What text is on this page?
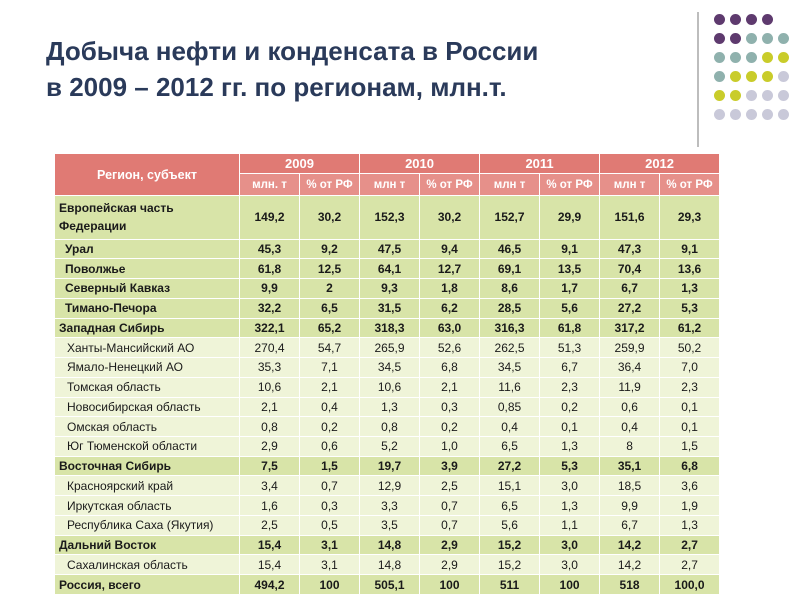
Добыча нефти и конденсата в России
в 2009 – 2012 гг. по регионам, млн.т.
Регион, субъект	2009		2010		2011		2012	
	млн. т	% от РФ	млн т	% от РФ	млн т	% от РФ	млн т	% от РФ
Европейская часть Федерации	149,2	30,2	152,3	30,2	152,7	29,9	151,6	29,3
Урал	45,3	9,2	47,5	9,4	46,5	9,1	47,3	9,1
Поволжье	61,8	12,5	64,1	12,7	69,1	13,5	70,4	13,6
Северный Кавказ	9,9	2	9,3	1,8	8,6	1,7	6,7	1,3
Тимано-Печора	32,2	6,5	31,5	6,2	28,5	5,6	27,2	5,3
Западная Сибирь	322,1	65,2	318,3	63,0	316,3	61,8	317,2	61,2
Ханты-Мансийский АО	270,4	54,7	265,9	52,6	262,5	51,3	259,9	50,2
Ямало-Ненецкий АО	35,3	7,1	34,5	6,8	34,5	6,7	36,4	7,0
Томская область	10,6	2,1	10,6	2,1	11,6	2,3	11,9	2,3
Новосибирская область	2,1	0,4	1,3	0,3	0,85	0,2	0,6	0,1
Омская область	0,8	0,2	0,8	0,2	0,4	0,1	0,4	0,1
Юг Тюменской области	2,9	0,6	5,2	1,0	6,5	1,3	8	1,5
Восточная Сибирь	7,5	1,5	19,7	3,9	27,2	5,3	35,1	6,8
Красноярский край	3,4	0,7	12,9	2,5	15,1	3,0	18,5	3,6
Иркутская область	1,6	0,3	3,3	0,7	6,5	1,3	9,9	1,9
Республика Саха (Якутия)	2,5	0,5	3,5	0,7	5,6	1,1	6,7	1,3
Дальний Восток	15,4	3,1	14,8	2,9	15,2	3,0	14,2	2,7
Сахалинская область	15,4	3,1	14,8	2,9	15,2	3,0	14,2	2,7
Россия, всего	494,2	100	505,1	100	511	100	518	100,0
